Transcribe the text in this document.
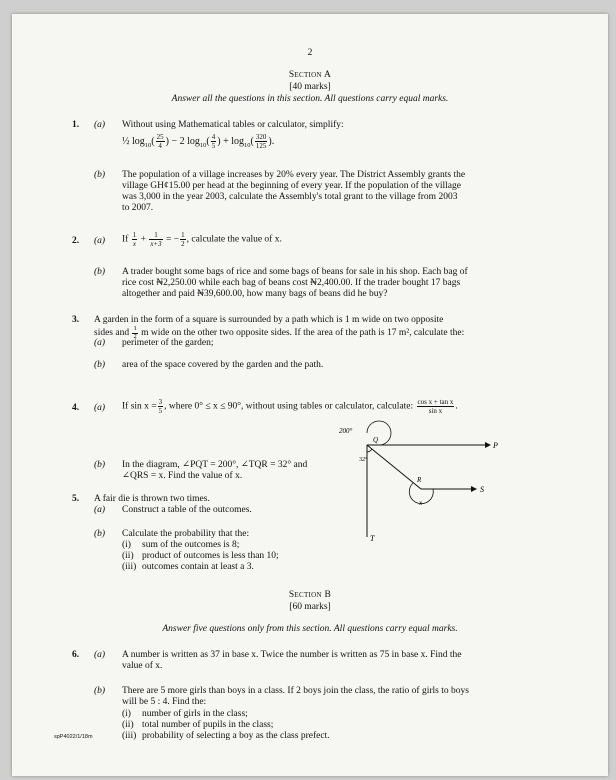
2
Section A
[40 marks]
Answer all the questions in this section. All questions carry equal marks.
1. (a) Without using Mathematical tables or calculator, simplify:
½ $\log_{10}( \frac{25}{4}$ ) − 2 $\log_{10}( \frac{4}{5}$ ) + $\log_{10}( \frac{320}{125}$ ).
(b) The population of a village increases by 20% every year. The District Assembly grants the
village GH¢15.00 per head at the beginning of every year. If the population of the village
was 3,000 in the year 2003, calculate the Assembly's total grant to the village from 2003
to 2007.
2. (a) If $\frac{1}{x} + \frac{1}{x+3}$ = − $\frac{1}{2}$ , calculate the value of x.
(b) A trader bought some bags of rice and some bags of beans for sale in his shop. Each bag of
rice cost ₦2,250.00 while each bag of beans cost ₦2,400.00. If the trader bought 17 bags
altogether and paid ₦39,600.00, how many bags of beans did he buy?
3. A garden in the form of a square is surrounded by a path which is 1 m wide on two opposite
sides and $\frac{1}{2}$ m wide on the other two opposite sides. If the area of the path is 17 m², calculate the:
(a) perimeter of the garden;
(b) area of the space covered by the garden and the path.
4. (a) If $\sin x = \frac{3}{5}$ , where 0° ≤ x ≤ 90°, without using tables or calculator, calculate: $\frac{\text{cos x + tan x}}{\text{sin x}}$ .
(b) In the diagram, ∠PQT = 200°, ∠TQR = 32° and
∠QRS = x. Find the value of x.
200°
32°
P
Q
R
S
T
x
5. A fair die is thrown two times.
(a) Construct a table of the outcomes.
(b) Calculate the probability that the:
(i) sum of the outcomes is 8;
(ii) product of outcomes is less than 10;
(iii) outcomes contain at least a 3.
Section B
[60 marks]
Answer five questions only from this section. All questions carry equal marks.
6. (a) A number is written as 37 in base x. Twice the number is written as 75 in base x. Find the
value of x.
(b) There are 5 more girls than boys in a class. If 2 boys join the class, the ratio of girls to boys
will be 5 : 4. Find the:
(i) number of girls in the class;
(ii) total number of pupils in the class;
(iii) probability of selecting a boy as the class prefect.
spP4022/1/18m
